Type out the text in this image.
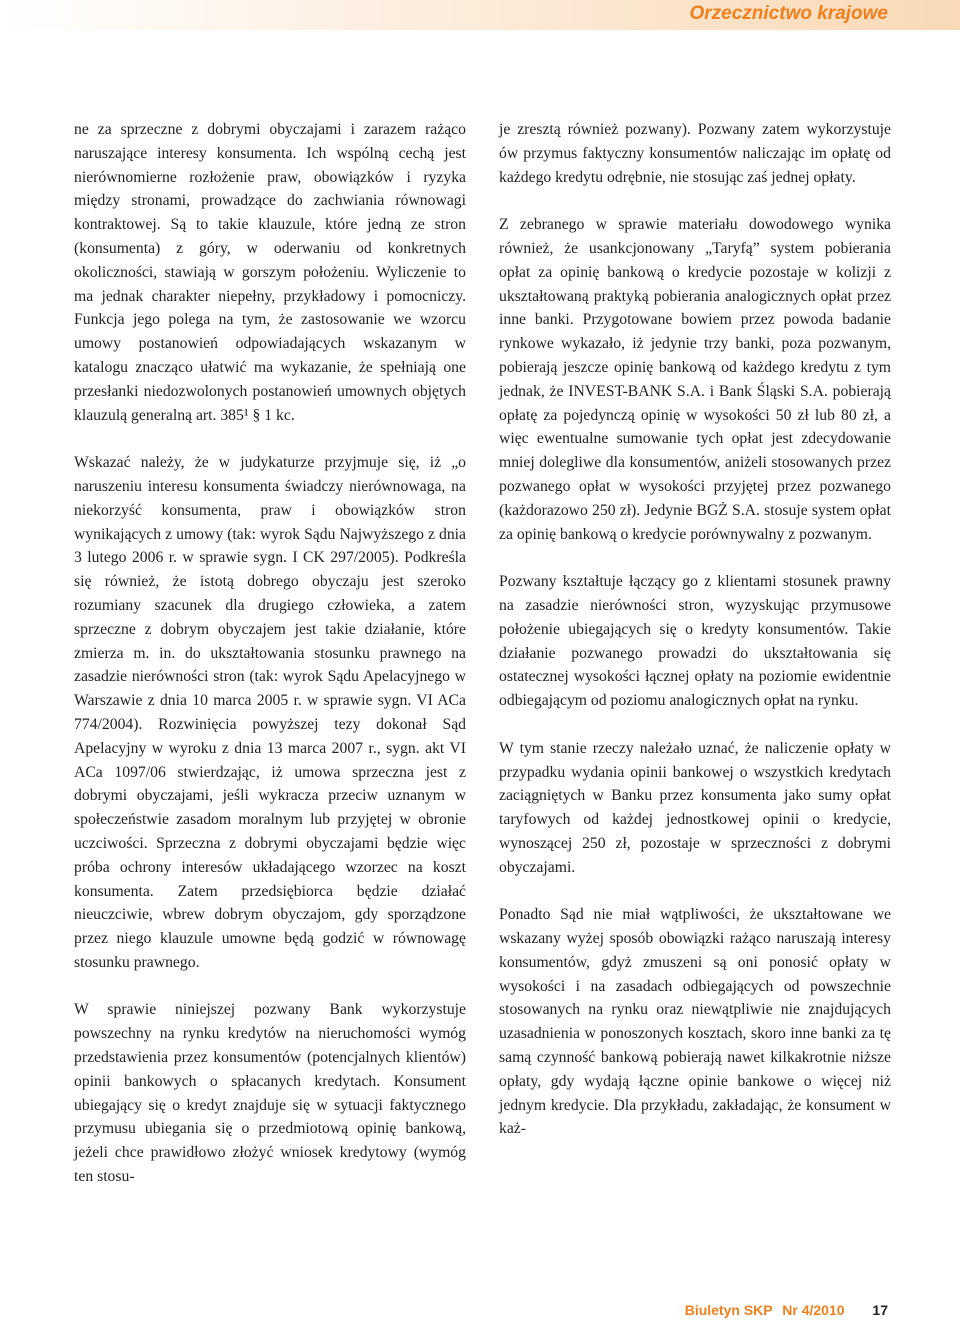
Orzecznictwo krajowe

ne za sprzeczne z dobrymi obyczajami i zarazem rażąco naruszające interesy konsumenta. Ich wspólną cechą jest nierównomierne rozłożenie praw, obowiązków i ryzyka między stronami, prowadzące do zachwiania równowagi kontraktowej. Są to takie klauzule, które jedną ze stron (konsumenta) z góry, w oderwaniu od konkretnych okoliczności, stawiają w gorszym położeniu. Wyliczenie to ma jednak charakter niepełny, przykładowy i pomocniczy. Funkcja jego polega na tym, że zastosowanie we wzorcu umowy postanowień odpowiadających wskazanym w katalogu znacząco ułatwić ma wykazanie, że spełniają one przesłanki niedozwolonych postanowień umownych objętych klauzulą generalną art. 385¹ § 1 kc.

Wskazać należy, że w judykaturze przyjmuje się, iż „o naruszeniu interesu konsumenta świadczy nierównowaga, na niekorzyść konsumenta, praw i obowiązków stron wynikających z umowy (tak: wyrok Sądu Najwyższego z dnia 3 lutego 2006 r. w sprawie sygn. I CK 297/2005). Podkreśla się również, że istotą dobrego obyczaju jest szeroko rozumiany szacunek dla drugiego człowieka, a zatem sprzeczne z dobrym obyczajem jest takie działanie, które zmierza m. in. do ukształtowania stosunku prawnego na zasadzie nierówności stron (tak: wyrok Sądu Apelacyjnego w Warszawie z dnia 10 marca 2005 r. w sprawie sygn. VI ACa 774/2004). Rozwinięcia powyższej tezy dokonał Sąd Apelacyjny w wyroku z dnia 13 marca 2007 r., sygn. akt VI ACa 1097/06 stwierdzając, iż umowa sprzeczna jest z dobrymi obyczajami, jeśli wykracza przeciw uznanym w społeczeństwie zasadom moralnym lub przyjętej w obronie uczciwości. Sprzeczna z dobrymi obyczajami będzie więc próba ochrony interesów układającego wzorzec na koszt konsumenta. Zatem przedsiębiorca będzie działać nieuczciwie, wbrew dobrym obyczajom, gdy sporządzone przez niego klauzule umowne będą godzić w równowagę stosunku prawnego.

W sprawie niniejszej pozwany Bank wykorzystuje powszechny na rynku kredytów na nieruchomości wymóg przedstawienia przez konsumentów (potencjalnych klientów) opinii bankowych o spłacanych kredytach. Konsument ubiegający się o kredyt znajduje się w sytuacji faktycznego przymusu ubiegania się o przedmiotową opinię bankową, jeżeli chce prawidłowo złożyć wniosek kredytowy (wymóg ten stosu-

je zresztą również pozwany). Pozwany zatem wykorzystuje ów przymus faktyczny konsumentów naliczając im opłatę od każdego kredytu odrębnie, nie stosując zaś jednej opłaty.

Z zebranego w sprawie materiału dowodowego wynika również, że usankcjonowany „Taryfą” system pobierania opłat za opinię bankową o kredycie pozostaje w kolizji z ukształtowaną praktyką pobierania analogicznych opłat przez inne banki. Przygotowane bowiem przez powoda badanie rynkowe wykazało, iż jedynie trzy banki, poza pozwanym, pobierają jeszcze opinię bankową od każdego kredytu z tym jednak, że INVEST-BANK S.A. i Bank Śląski S.A. pobierają opłatę za pojedynczą opinię w wysokości 50 zł lub 80 zł, a więc ewentualne sumowanie tych opłat jest zdecydowanie mniej dolegliwe dla konsumentów, aniżeli stosowanych przez pozwanego opłat w wysokości przyjętej przez pozwanego (każdorazowo 250 zł). Jedynie BGŻ S.A. stosuje system opłat za opinię bankową o kredycie porównywalny z pozwanym.

Pozwany kształtuje łączący go z klientami stosunek prawny na zasadzie nierówności stron, wyzyskując przymusowe położenie ubiegających się o kredyty konsumentów. Takie działanie pozwanego prowadzi do ukształtowania się ostatecznej wysokości łącznej opłaty na poziomie ewidentnie odbiegającym od poziomu analogicznych opłat na rynku.

W tym stanie rzeczy należało uznać, że naliczenie opłaty w przypadku wydania opinii bankowej o wszystkich kredytach zaciągniętych w Banku przez konsumenta jako sumy opłat taryfowych od każdej jednostkowej opinii o kredycie, wynoszącej 250 zł, pozostaje w sprzeczności z dobrymi obyczajami.

Ponadto Sąd nie miał wątpliwości, że ukształtowane we wskazany wyżej sposób obowiązki rażąco naruszają interesy konsumentów, gdyż zmuszeni są oni ponosić opłaty w wysokości i na zasadach odbiegających od powszechnie stosowanych na rynku oraz niewątpliwie nie znajdujących uzasadnienia w ponoszonych kosztach, skoro inne banki za tę samą czynność bankową pobierają nawet kilkakrotnie niższe opłaty, gdy wydają łączne opinie bankowe o więcej niż jednym kredycie. Dla przykładu, zakładając, że konsument w każ-

Biuletyn SKP Nr 4/2010 17
